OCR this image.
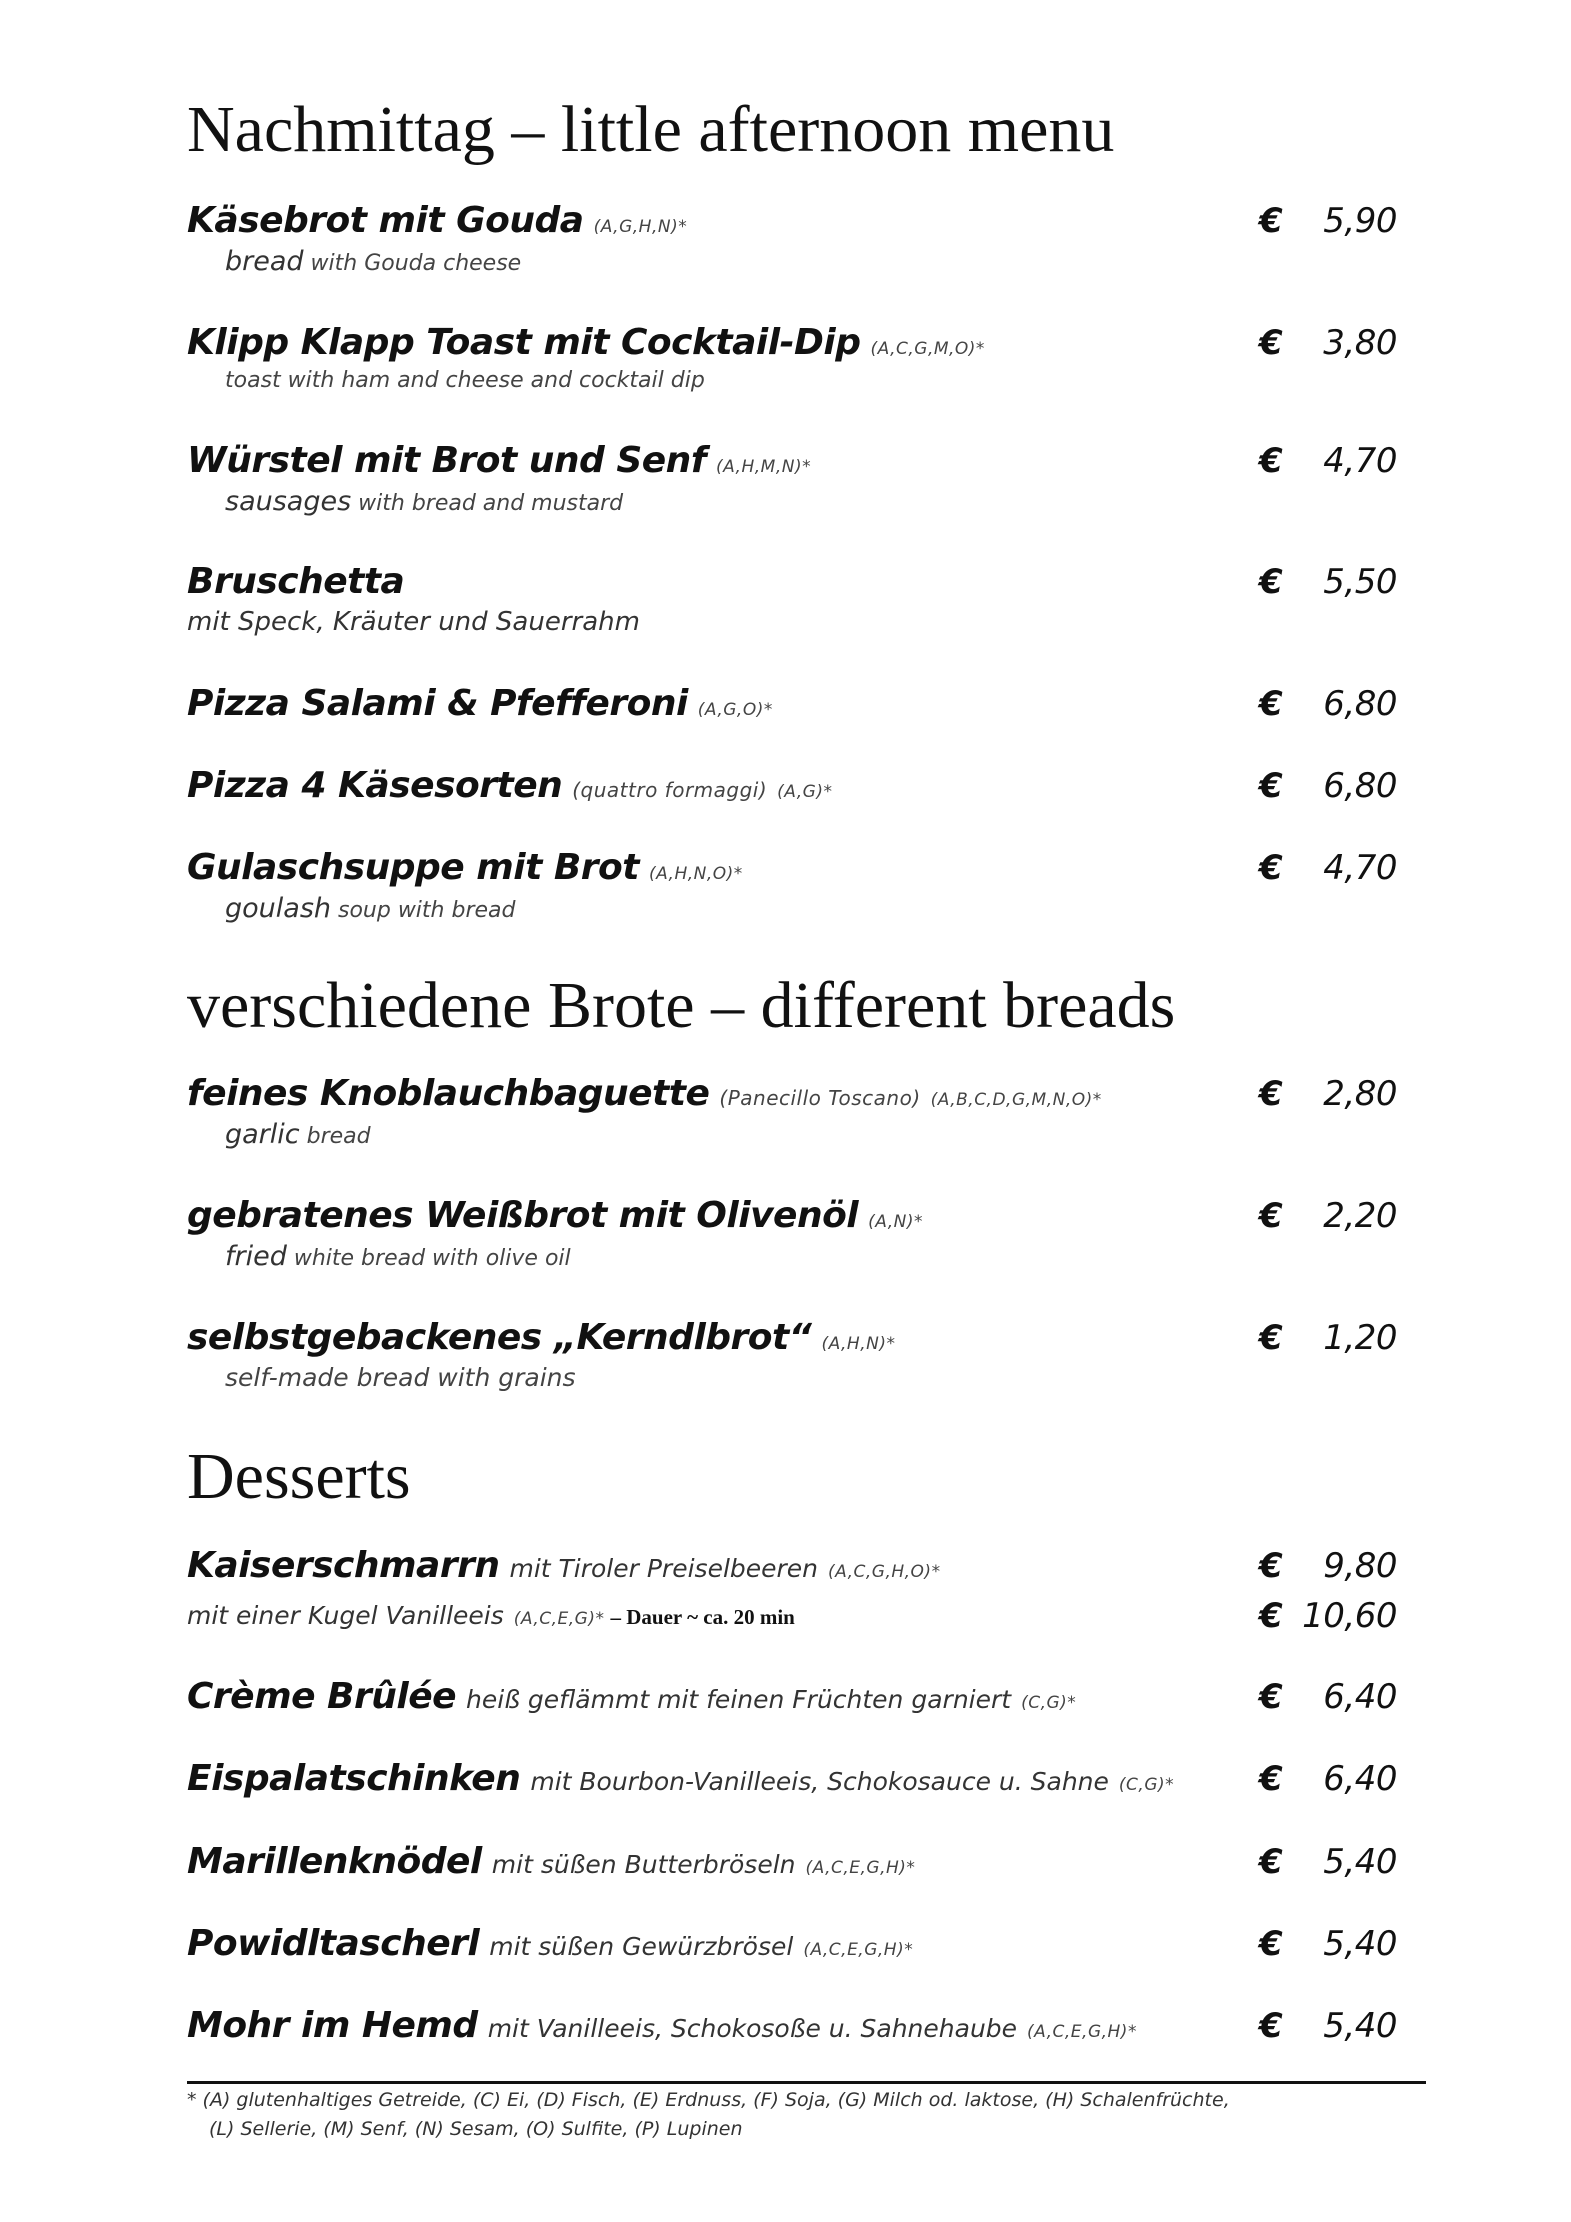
Nachmittag – little afternoon menu
Käsebrot mit Gouda (A,G,H,N)*	€ 5,90
bread with Gouda cheese
Klipp Klapp Toast mit Cocktail-Dip (A,C,G,M,O)*	€ 3,80
toast with ham and cheese and cocktail dip
Würstel mit Brot und Senf (A,H,M,N)*	€ 4,70
sausages with bread and mustard
Bruschetta	€ 5,50
mit Speck, Kräuter und Sauerrahm
Pizza Salami & Pfefferoni (A,G,O)*	€ 6,80
Pizza 4 Käsesorten (quattro formaggi) (A,G)*	€ 6,80
Gulaschsuppe mit Brot (A,H,N,O)*	€ 4,70
goulash soup with bread
verschiedene Brote – different breads
feines Knoblauchbaguette (Panecillo Toscano) (A,B,C,D,G,M,N,O)*	€ 2,80
garlic bread
gebratenes Weißbrot mit Olivenöl (A,N)*	€ 2,20
fried white bread with olive oil
selbstgebackenes „Kerndlbrot“ (A,H,N)*	€ 1,20
self-made bread with grains
Desserts
Kaiserschmarrn mit Tiroler Preiselbeeren (A,C,G,H,O)*	€ 9,80
mit einer Kugel Vanilleeis (A,C,E,G)* – Dauer ~ ca. 20 min	€ 10,60
Crème Brûlée heiß geflämmt mit feinen Früchten garniert (C,G)*	€ 6,40
Eispalatschinken mit Bourbon-Vanilleeis, Schokosauce u. Sahne (C,G)* € 6,40
Marillenknödel mit süßen Butterbröseln (A,C,E,G,H)*	€ 5,40
Powidltascherl mit süßen Gewürzbrösel (A,C,E,G,H)*	€ 5,40
Mohr im Hemd mit Vanilleeis, Schokosoße u. Sahnehaube (A,C,E,G,H)*	€ 5,40

* (A) glutenhaltiges Getreide, (C) Ei, (D) Fisch, (E) Erdnuss, (F) Soja, (G) Milch od. laktose, (H) Schalenfrüchte,

(L) Sellerie, (M) Senf, (N) Sesam, (O) Sulfite, (P) Lupinen
